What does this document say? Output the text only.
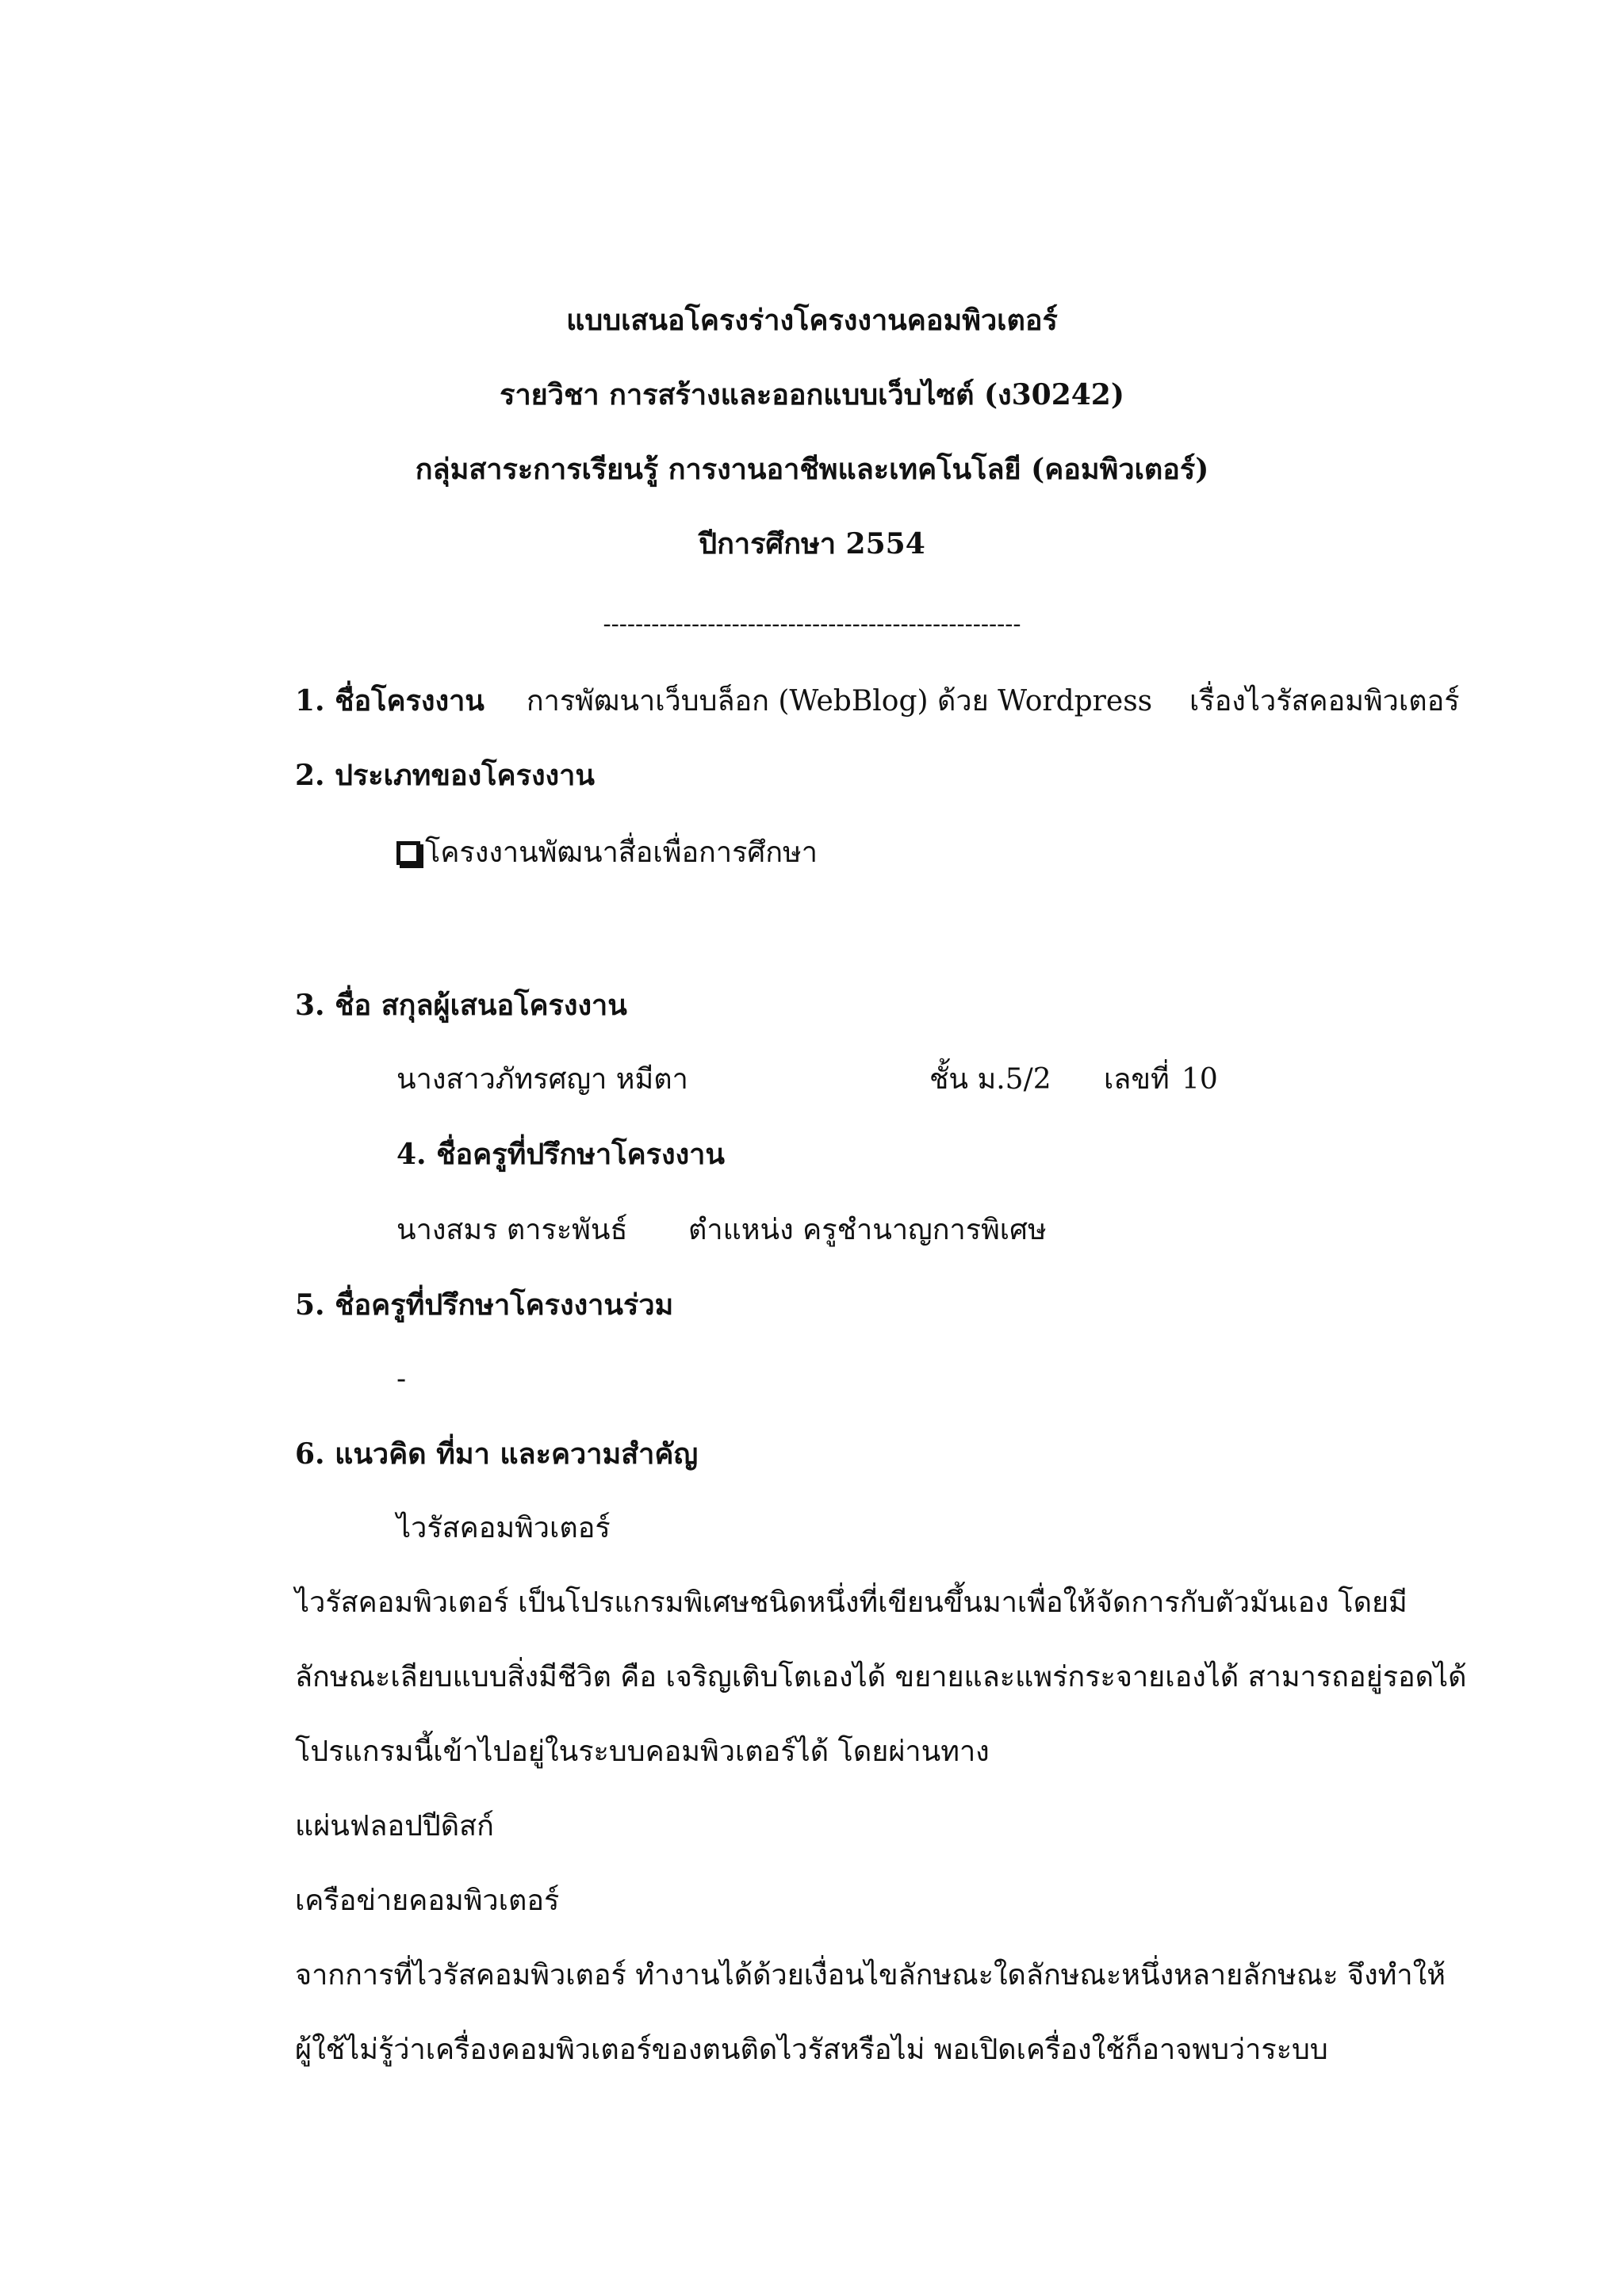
แบบเสนอโครงร่างโครงงานคอมพิวเตอร์
รายวิชา การสร้างและออกแบบเว็บไซต์ (ง30242)
กลุ่มสาระการเรียนรู้ การงานอาชีพและเทคโนโลยี (คอมพิวเตอร์)
ปีการศึกษา 2554
----------------------------------------------------
1. ชื่อโครงงาน การพัฒนาเว็บบล็อก (WebBlog) ด้วย Wordpress เรื่องไวรัสคอมพิวเตอร์
2. ประเภทของโครงงาน
โครงงานพัฒนาสื่อเพื่อการศึกษา
3. ชื่อ สกุลผู้เสนอโครงงาน
นางสาวภัทรศญา หมีตา	ชั้น ม.5/2 เลขที่ 10
4. ชื่อครูที่ปรึกษาโครงงาน
นางสมร ตาระพันธ์ ตำแหน่ง ครูชำนาญการพิเศษ
5. ชื่อครูที่ปรึกษาโครงงานร่วม
-
6. แนวคิด ที่มา และความสำคัญ
ไวรัสคอมพิวเตอร์
ไวรัสคอมพิวเตอร์ เป็นโปรแกรมพิเศษชนิดหนึ่งที่เขียนขึ้นมาเพื่อให้จัดการกับตัวมันเอง โดยมี
ลักษณะเลียบแบบสิ่งมีชีวิต คือ เจริญเติบโตเองได้ ขยายและแพร่กระจายเองได้ สามารถอยู่รอดได้
โปรแกรมนี้เข้าไปอยู่ในระบบคอมพิวเตอร์ได้ โดยผ่านทาง
แผ่นฟลอปปีดิสก์
เครือข่ายคอมพิวเตอร์
จากการที่ไวรัสคอมพิวเตอร์ ทำงานได้ด้วยเงื่อนไขลักษณะใดลักษณะหนึ่งหลายลักษณะ จึงทำให้
ผู้ใช้ไม่รู้ว่าเครื่องคอมพิวเตอร์ของตนติดไวรัสหรือไม่ พอเปิดเครื่องใช้ก็อาจพบว่าระบบ
